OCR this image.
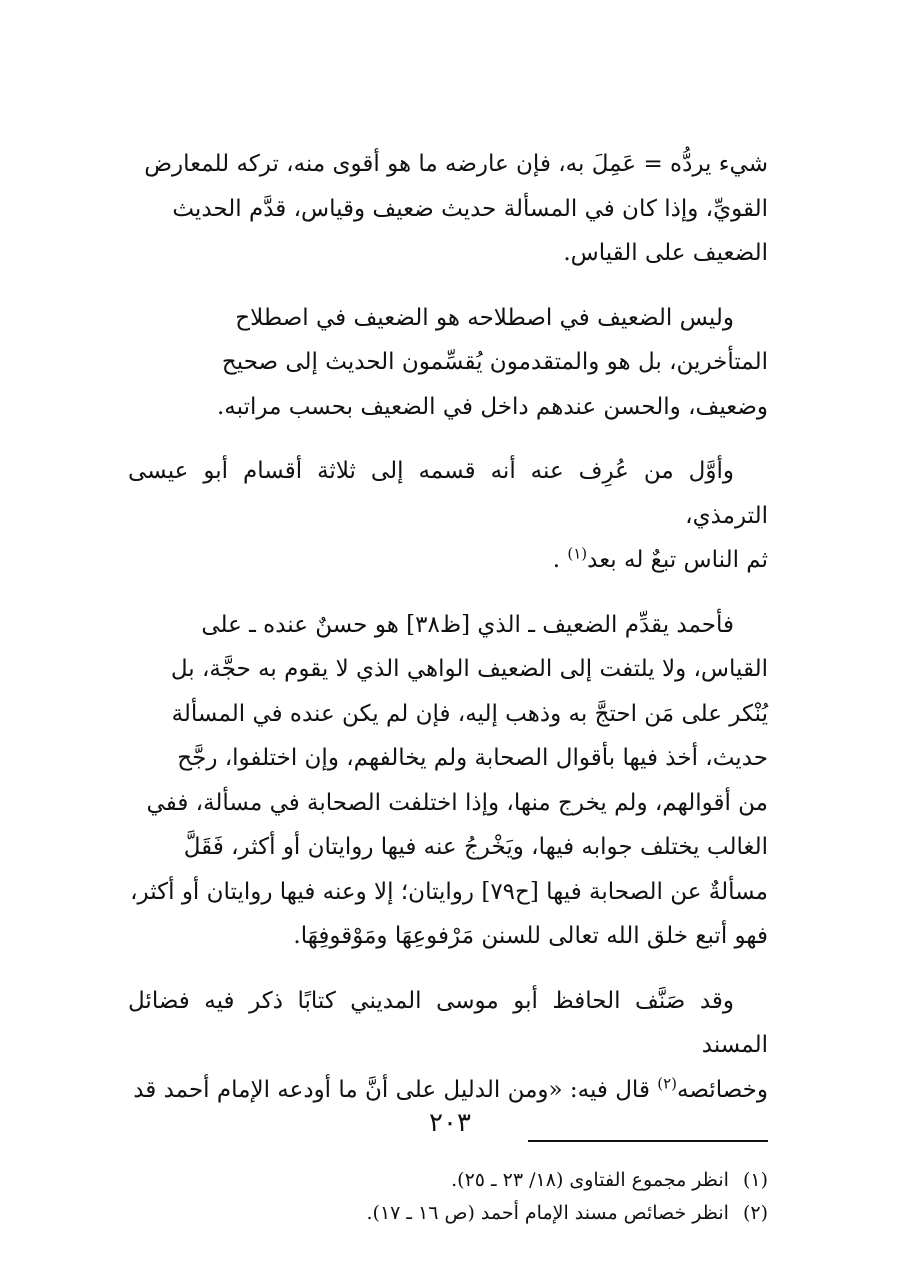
شيء يردُّه = عَمِلَ به، فإن عارضه ما هو أقوى منه، تركه للمعارض
القويِّ، وإذا كان في المسألة حديث ضعيف وقياس، قدَّم الحديث
الضعيف على القياس.

وليس الضعيف في اصطلاحه هو الضعيف في اصطلاح
المتأخرين، بل هو والمتقدمون يُقسِّمون الحديث إلى صحيح
وضعيف، والحسن عندهم داخل في الضعيف بحسب مراتبه.

وأوَّل من عُرِف عنه أنه قسمه إلى ثلاثة أقسام أبو عيسى الترمذي،
ثم الناس تبعٌ له بعد$^{(١)}$ .

فأحمد يقدِّم الضعيف ـ الذي [ظ٣٨] هو حسنٌ عنده ـ على
القياس، ولا يلتفت إلى الضعيف الواهي الذي لا يقوم به حجَّة، بل
يُنْكر على مَن احتجَّ به وذهب إليه، فإن لم يكن عنده في المسألة
حديث، أخذ فيها بأقوال الصحابة ولم يخالفهم، وإن اختلفوا، رجَّح
من أقوالهم، ولم يخرج منها، وإذا اختلفت الصحابة في مسألة، ففي
الغالب يختلف جوابه فيها، ويَخْرجُ عنه فيها روايتان أو أكثر، فَقَلَّ
مسألةٌ عن الصحابة فيها [ح٧٩] روايتان؛ إلا وعنه فيها روايتان أو أكثر،
فهو أتبع خلق الله تعالى للسنن مَرْفوعِهَا ومَوْقوفِهَا.

وقد صَنَّف الحافظ أبو موسى المديني كتابًا ذكر فيه فضائل المسند
وخصائصه$^{(٢)}$ قال فيه: «ومن الدليل على أنَّ ما أودعه الإمام أحمد قد

(١)انظر مجموع الفتاوى (١٨/ ٢٣ ـ ٢٥).

(٢)انظر خصائص مسند الإمام أحمد (ص ١٦ ـ ١٧).

٢٠٣
